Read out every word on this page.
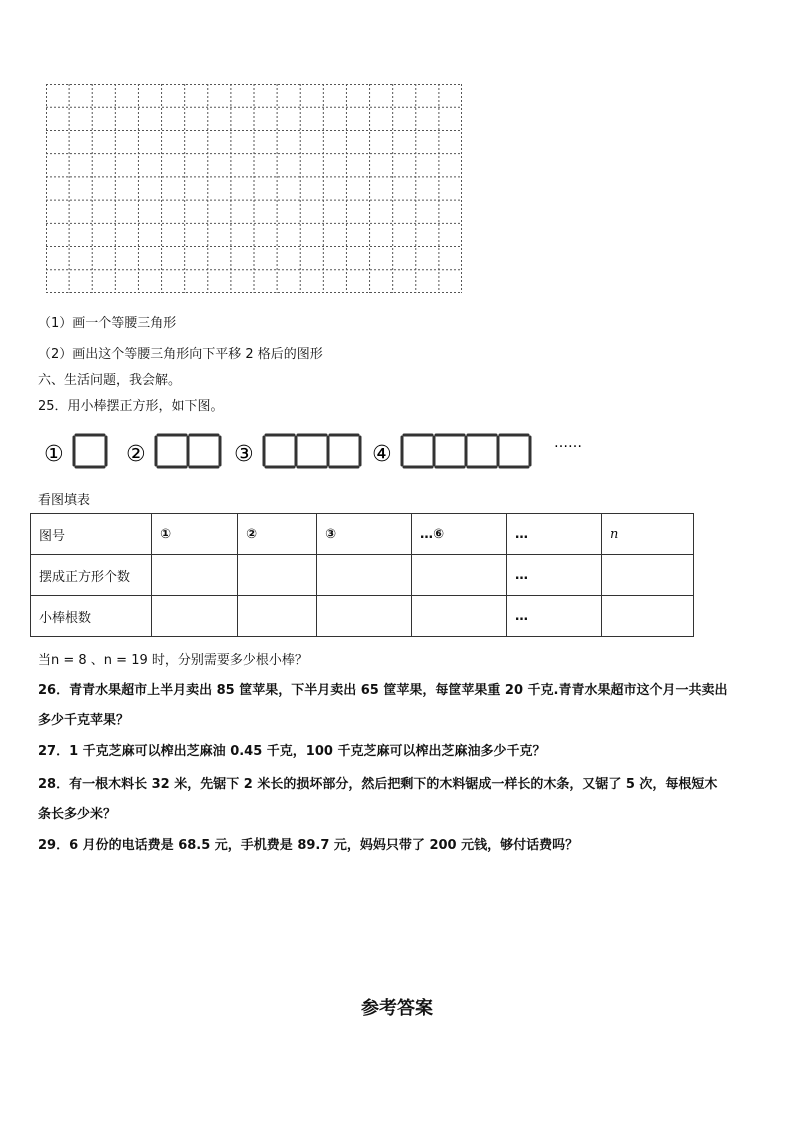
（1）画一个等腰三角形
（2）画出这个等腰三角形向下平移 2 格后的图形
六、生活问题，我会解。
25．用小棒摆正方形，如下图。
①	②	③	④	……
看图填表
图号	①	②	③	…⑥	…	n
摆成正方形个数					…	
小棒根数					…	
当n = 8 、n = 19 时，分别需要多少根小棒？
26．青青水果超市上半月卖出 85 筐苹果，下半月卖出 65 筐苹果，每筐苹果重 20 千克.青青水果超市这个月一共卖出
多少千克苹果？
27．1 千克芝麻可以榨出芝麻油 0.45 千克，100 千克芝麻可以榨出芝麻油多少千克？
28．有一根木料长 32 米，先锯下 2 米长的损坏部分，然后把剩下的木料锯成一样长的木条，又锯了 5 次，每根短木
条长多少米？
29．6 月份的电话费是 68.5 元，手机费是 89.7 元，妈妈只带了 200 元钱，够付话费吗？
参考答案
